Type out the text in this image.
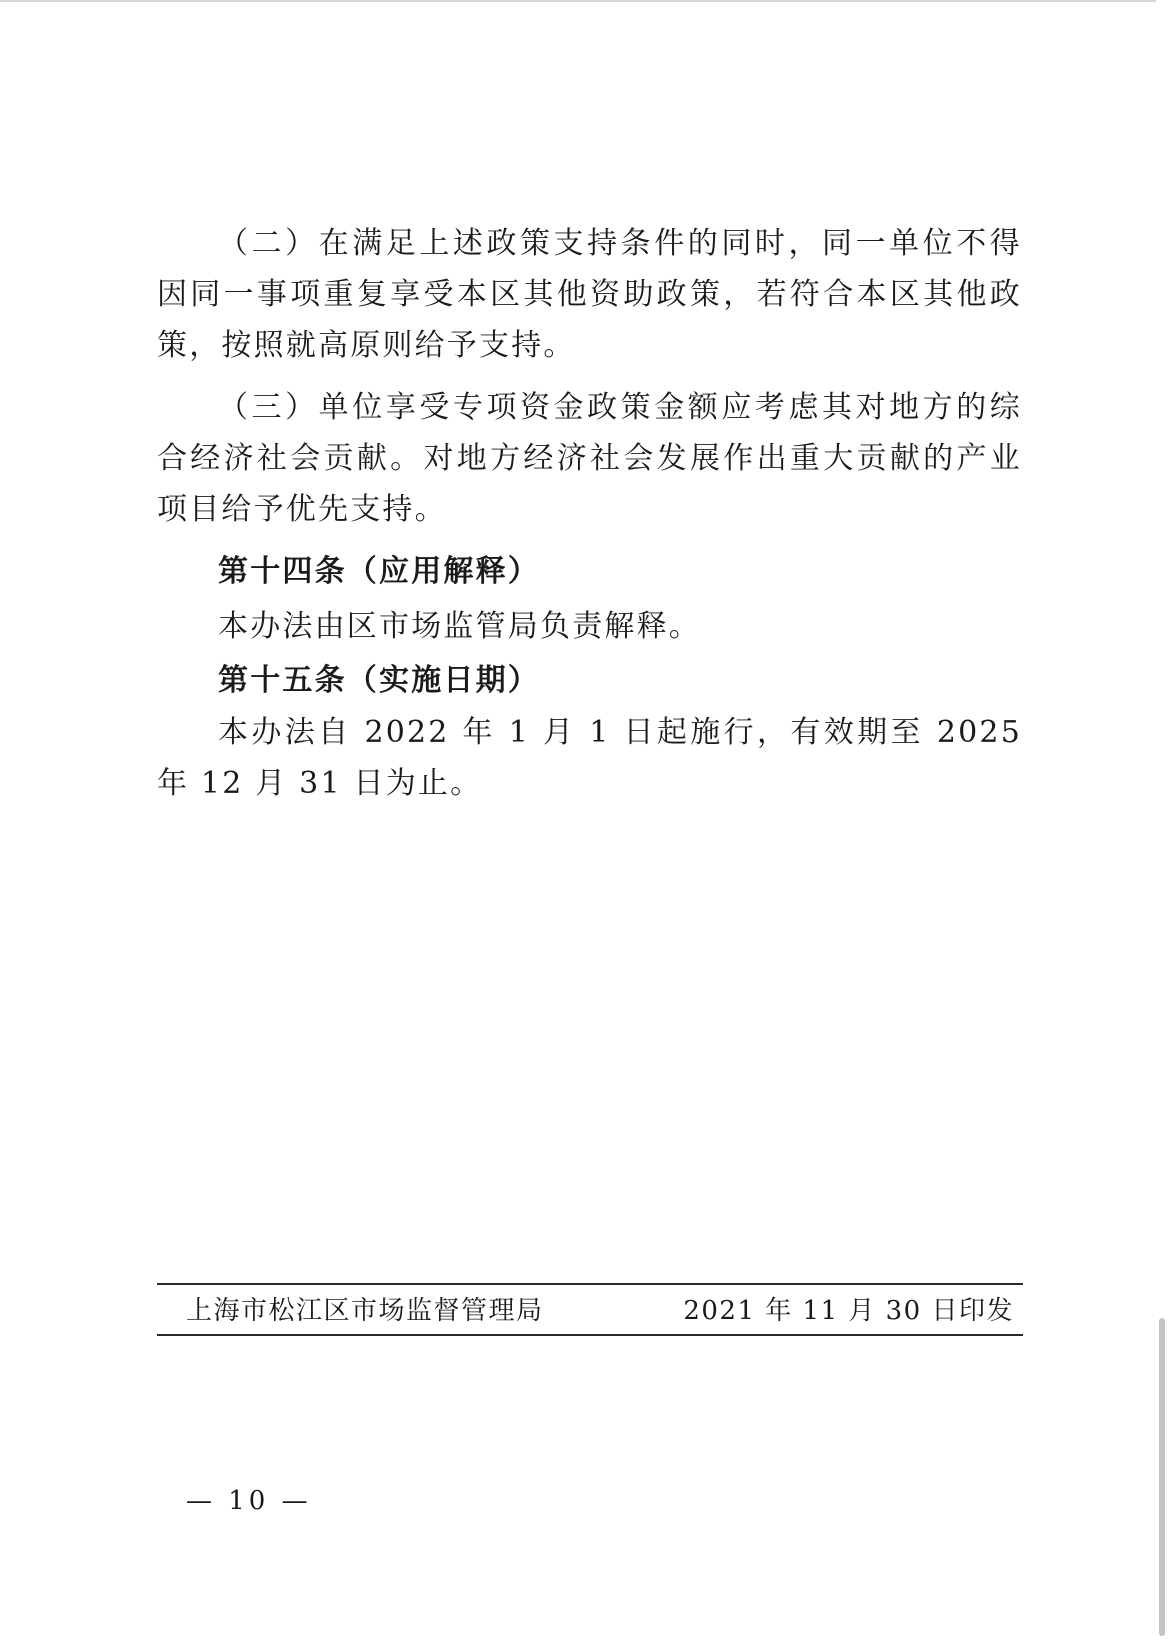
（二）在满足上述政策支持条件的同时，同一单位不得因同一事项重复享受本区其他资助政策，若符合本区其他政策，按照就高原则给予支持。

（三）单位享受专项资金政策金额应考虑其对地方的综合经济社会贡献。对地方经济社会发展作出重大贡献的产业项目给予优先支持。

第十四条（应用解释）

本办法由区市场监管局负责解释。

第十五条（实施日期）

本办法自 2022 年 1 月 1 日起施行，有效期至 2025 年 12 月 31 日为止。

上海市松江区市场监督管理局	2021 年 11 月 30 日印发
— 10 —
